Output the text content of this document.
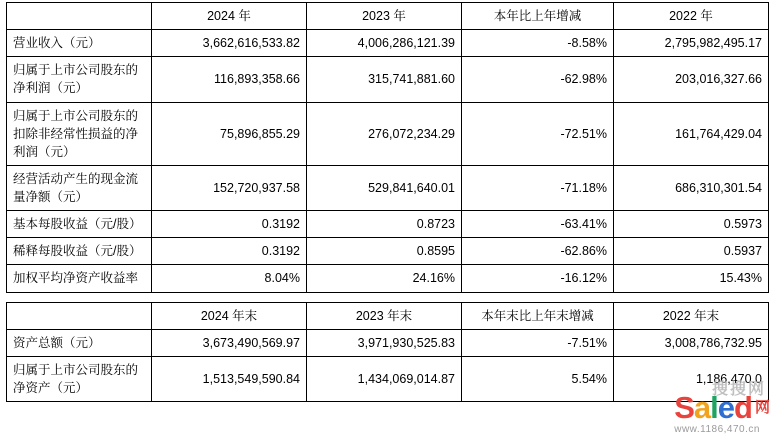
	2024 年	2023 年	本年比上年增减	2022 年
营业收入（元）	3,662,616,533.82	4,006,286,121.39	-8.58%	2,795,982,495.17
归属于上市公司股东的净利润（元）	116,893,358.66	315,741,881.60	-62.98%	203,016,327.66
归属于上市公司股东的扣除非经常性损益的净利润（元）	75,896,855.29	276,072,234.29	-72.51%	161,764,429.04
经营活动产生的现金流量净额（元）	152,720,937.58	529,841,640.01	-71.18%	686,310,301.54
基本每股收益（元/股）	0.3192	0.8723	-63.41%	0.5973
稀释每股收益（元/股）	0.3192	0.8595	-62.86%	0.5937
加权平均净资产收益率	8.04%	24.16%	-16.12%	15.43%

	2024 年末	2023 年末	本年末比上年末增减	2022 年末
资产总额（元）	3,673,490,569.97	3,971,930,525.83	-7.51%	3,008,786,732.95
归属于上市公司股东的净资产（元）	1,513,549,590.84	1,434,069,014.87	5.54%	1,186,470.0
搜搜网
S a l e d 网
www.1186,470.cn
